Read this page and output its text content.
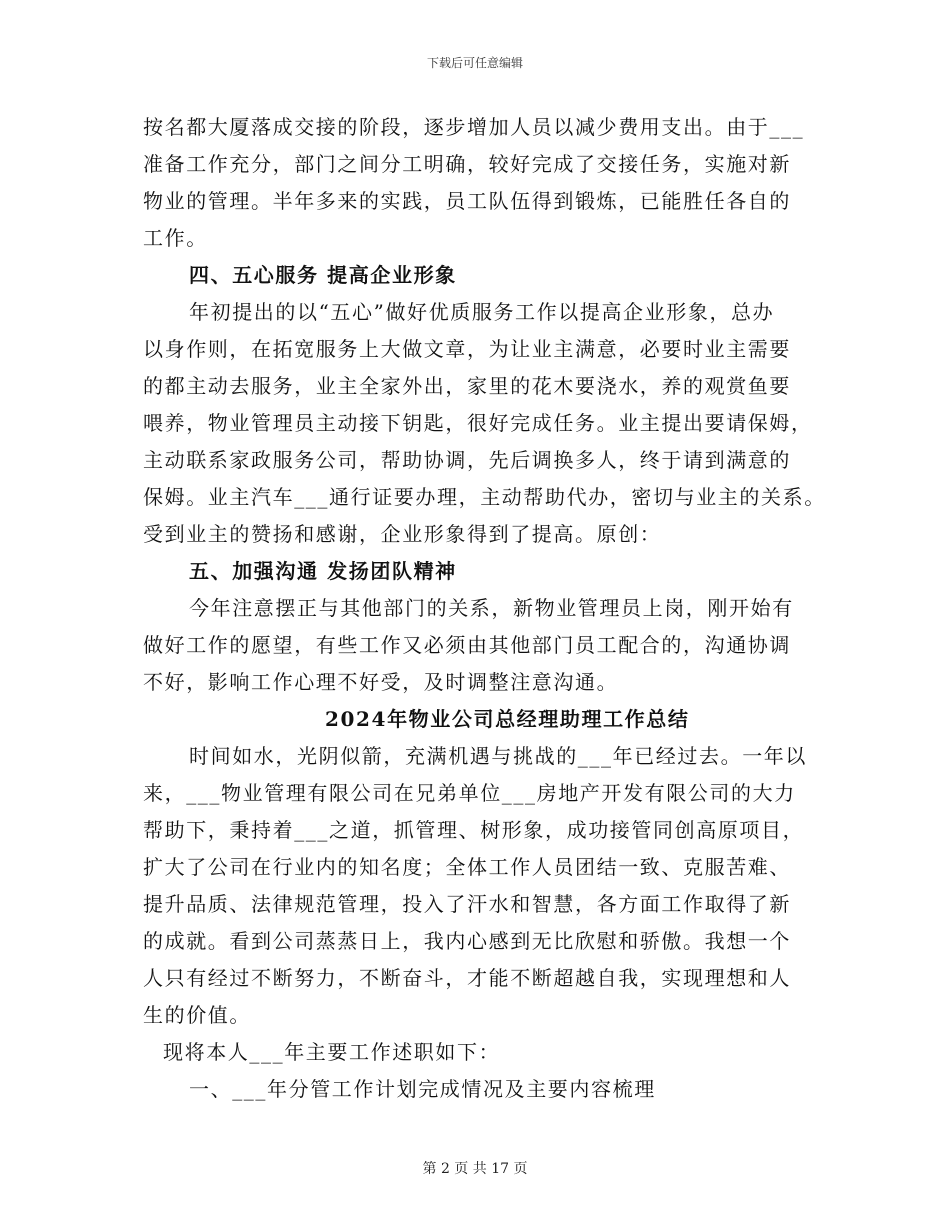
下载后可任意编辑
按名都大厦落成交接的阶段，逐步增加人员以减少费用支出。由于___
准备工作充分，部门之间分工明确，较好完成了交接任务，实施对新
物业的管理。半年多来的实践，员工队伍得到锻炼，已能胜任各自的
工作。
四、五心服务 提高企业形象
年初提出的以“五心”做好优质服务工作以提高企业形象，总办
以身作则，在拓宽服务上大做文章，为让业主满意，必要时业主需要
的都主动去服务，业主全家外出，家里的花木要浇水，养的观赏鱼要
喂养，物业管理员主动接下钥匙，很好完成任务。业主提出要请保姆，
主动联系家政服务公司，帮助协调，先后调换多人，终于请到满意的
保姆。业主汽车___通行证要办理，主动帮助代办，密切与业主的关系。
受到业主的赞扬和感谢，企业形象得到了提高。原创：
五、加强沟通 发扬团队精神
今年注意摆正与其他部门的关系，新物业管理员上岗，刚开始有
做好工作的愿望，有些工作又必须由其他部门员工配合的，沟通协调
不好，影响工作心理不好受，及时调整注意沟通。
2024年物业公司总经理助理工作总结
时间如水，光阴似箭，充满机遇与挑战的___年已经过去。一年以
来，___物业管理有限公司在兄弟单位___房地产开发有限公司的大力
帮助下，秉持着___之道，抓管理、树形象，成功接管同创高原项目，
扩大了公司在行业内的知名度；全体工作人员团结一致、克服苦难、
提升品质、法律规范管理，投入了汗水和智慧，各方面工作取得了新
的成就。看到公司蒸蒸日上，我内心感到无比欣慰和骄傲。我想一个
人只有经过不断努力，不断奋斗，才能不断超越自我，实现理想和人
生的价值。
现将本人___年主要工作述职如下：
一、___年分管工作计划完成情况及主要内容梳理
第 2 页 共 17 页
